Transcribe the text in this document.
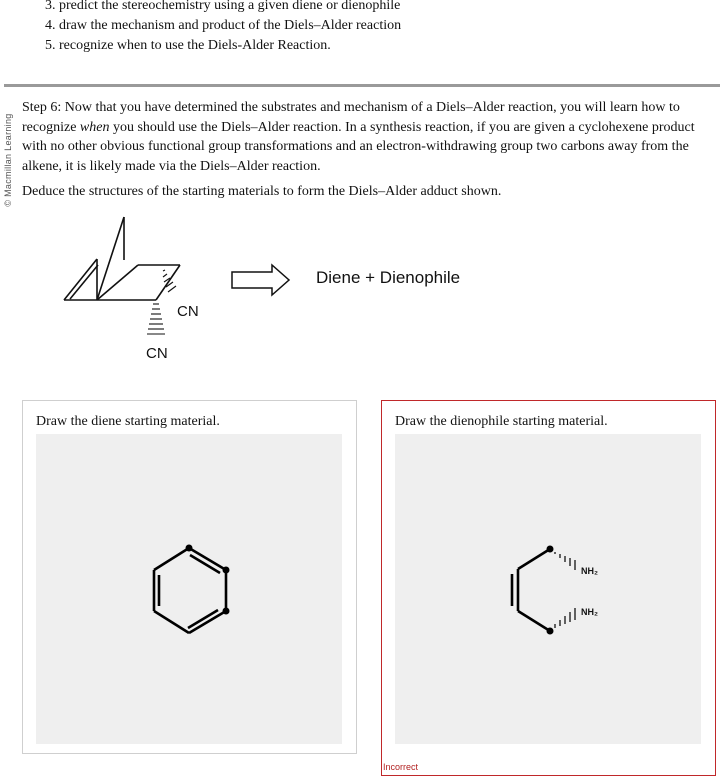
3. predict the stereochemistry using a given diene or dienophile
4. draw the mechanism and product of the Diels–Alder reaction
5. recognize when to use the Diels-Alder Reaction.
© Macmillan Learning
Step 6: Now that you have determined the substrates and mechanism of a Diels–Alder reaction, you will learn how to recognize when you should use the Diels–Alder reaction. In a synthesis reaction, if you are given a cyclohexene product with no other obvious functional group transformations and an electron-withdrawing group two carbons away from the alkene, it is likely made via the Diels–Alder reaction.
Deduce the structures of the starting materials to form the Diels–Alder adduct shown.
CN
CN
Diene + Dienophile
Draw the diene starting material.	Draw the dienophile starting material.
NH₂
NH₂
Incorrect
